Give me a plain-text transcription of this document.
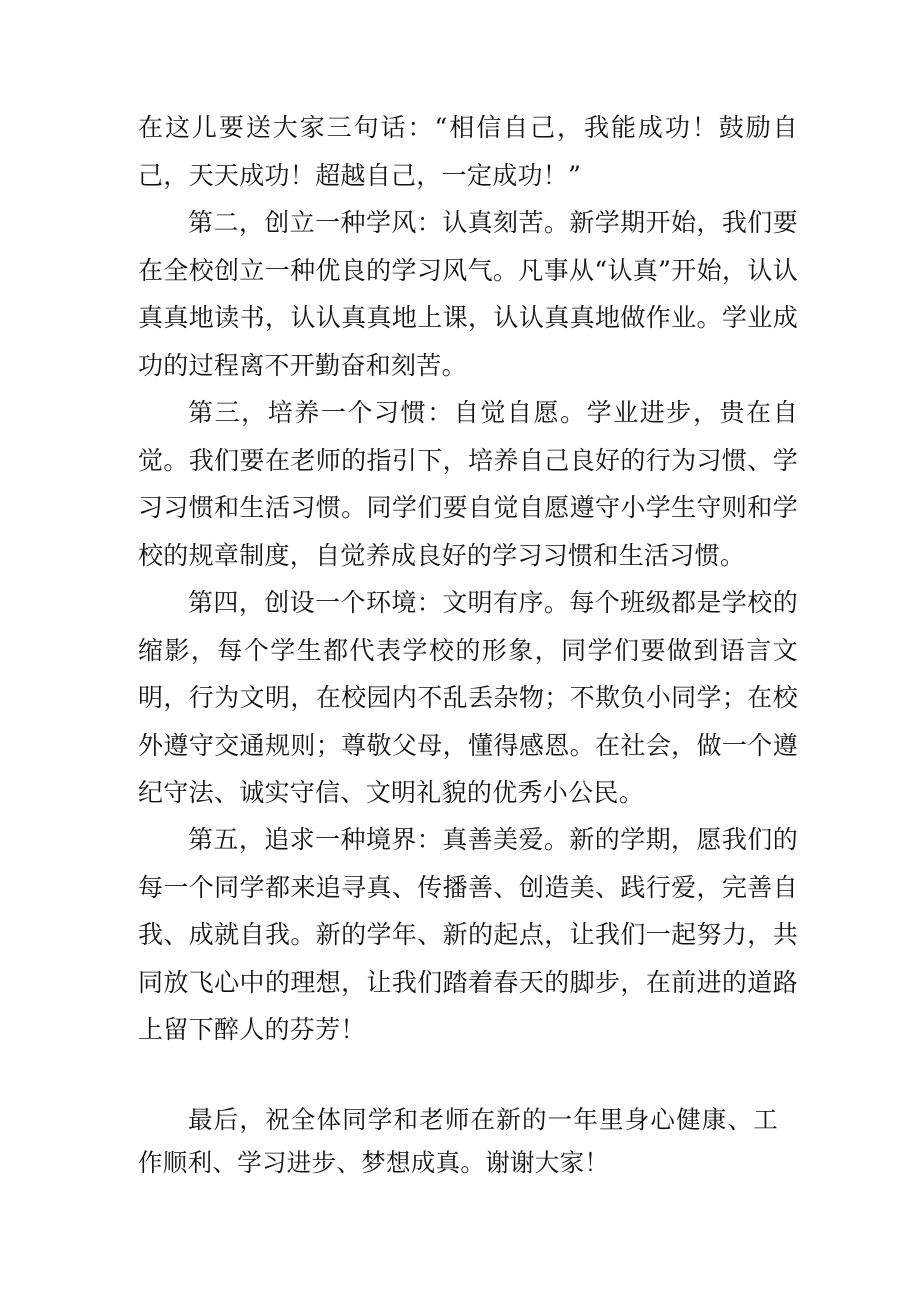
在这儿要送大家三句话：“相信自己，我能成功！鼓励自己，天天成功！超越自己，一定成功！”

第二，创立一种学风：认真刻苦。新学期开始，我们要在全校创立一种优良的学习风气。凡事从“认真”开始，认认真真地读书，认认真真地上课，认认真真地做作业。学业成功的过程离不开勤奋和刻苦。

第三，培养一个习惯：自觉自愿。学业进步，贵在自觉。我们要在老师的指引下，培养自己良好的行为习惯、学习习惯和生活习惯。同学们要自觉自愿遵守小学生守则和学校的规章制度，自觉养成良好的学习习惯和生活习惯。

第四，创设一个环境：文明有序。每个班级都是学校的缩影，每个学生都代表学校的形象，同学们要做到语言文明，行为文明，在校园内不乱丢杂物；不欺负小同学；在校外遵守交通规则；尊敬父母，懂得感恩。在社会，做一个遵纪守法、诚实守信、文明礼貌的优秀小公民。

第五，追求一种境界：真善美爱。新的学期，愿我们的每一个同学都来追寻真、传播善、创造美、践行爱，完善自我、成就自我。新的学年、新的起点，让我们一起努力，共同放飞心中的理想，让我们踏着春天的脚步，在前进的道路上留下醉人的芬芳！

最后，祝全体同学和老师在新的一年里身心健康、工作顺利、学习进步、梦想成真。谢谢大家！
